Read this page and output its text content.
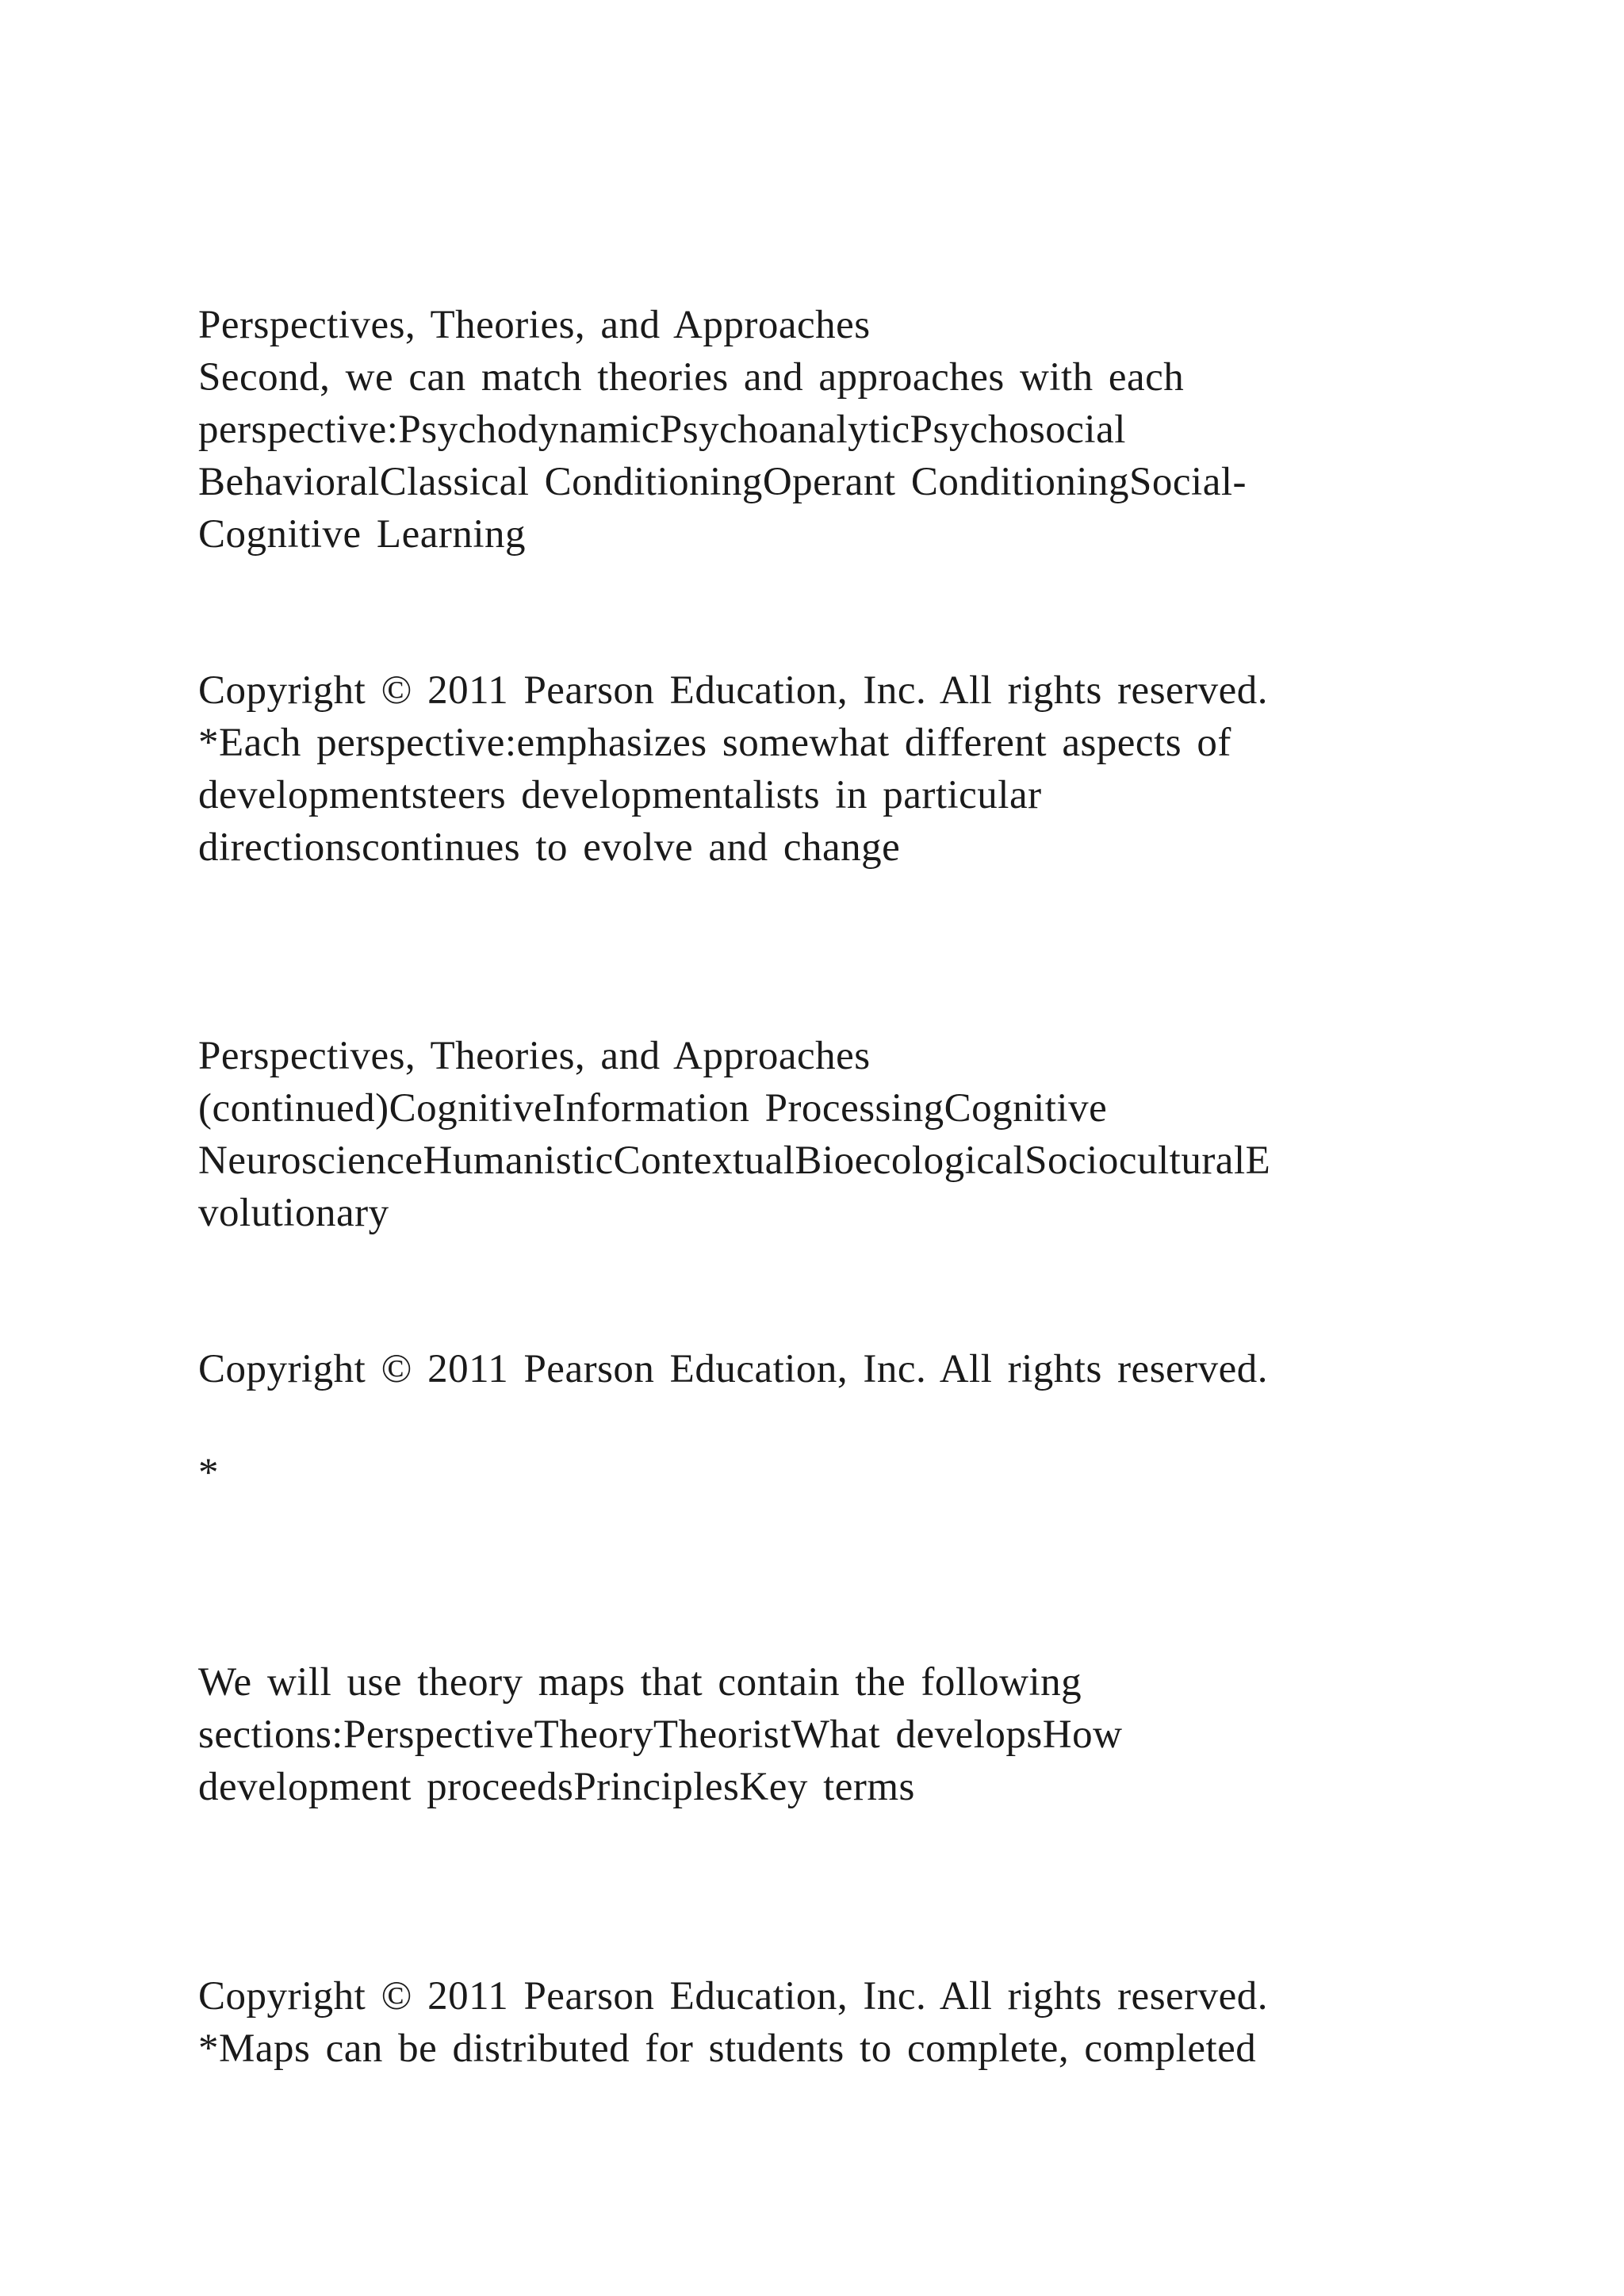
Perspectives, Theories, and Approaches

Second, we can match theories and approaches with each

perspective:PsychodynamicPsychoanalyticPsychosocial

BehavioralClassical ConditioningOperant ConditioningSocial-

Cognitive Learning

Copyright © 2011 Pearson Education, Inc. All rights reserved.

*Each perspective:emphasizes somewhat different aspects of

developmentsteers developmentalists in particular

directionscontinues to evolve and change

Perspectives, Theories, and Approaches

(continued)CognitiveInformation ProcessingCognitive

NeuroscienceHumanisticContextualBioecologicalSocioculturalE

volutionary

Copyright © 2011 Pearson Education, Inc. All rights reserved.

*

We will use theory maps that contain the following

sections:PerspectiveTheoryTheoristWhat developsHow

development proceedsPrinciplesKey terms

Copyright © 2011 Pearson Education, Inc. All rights reserved.

*Maps can be distributed for students to complete, completed
